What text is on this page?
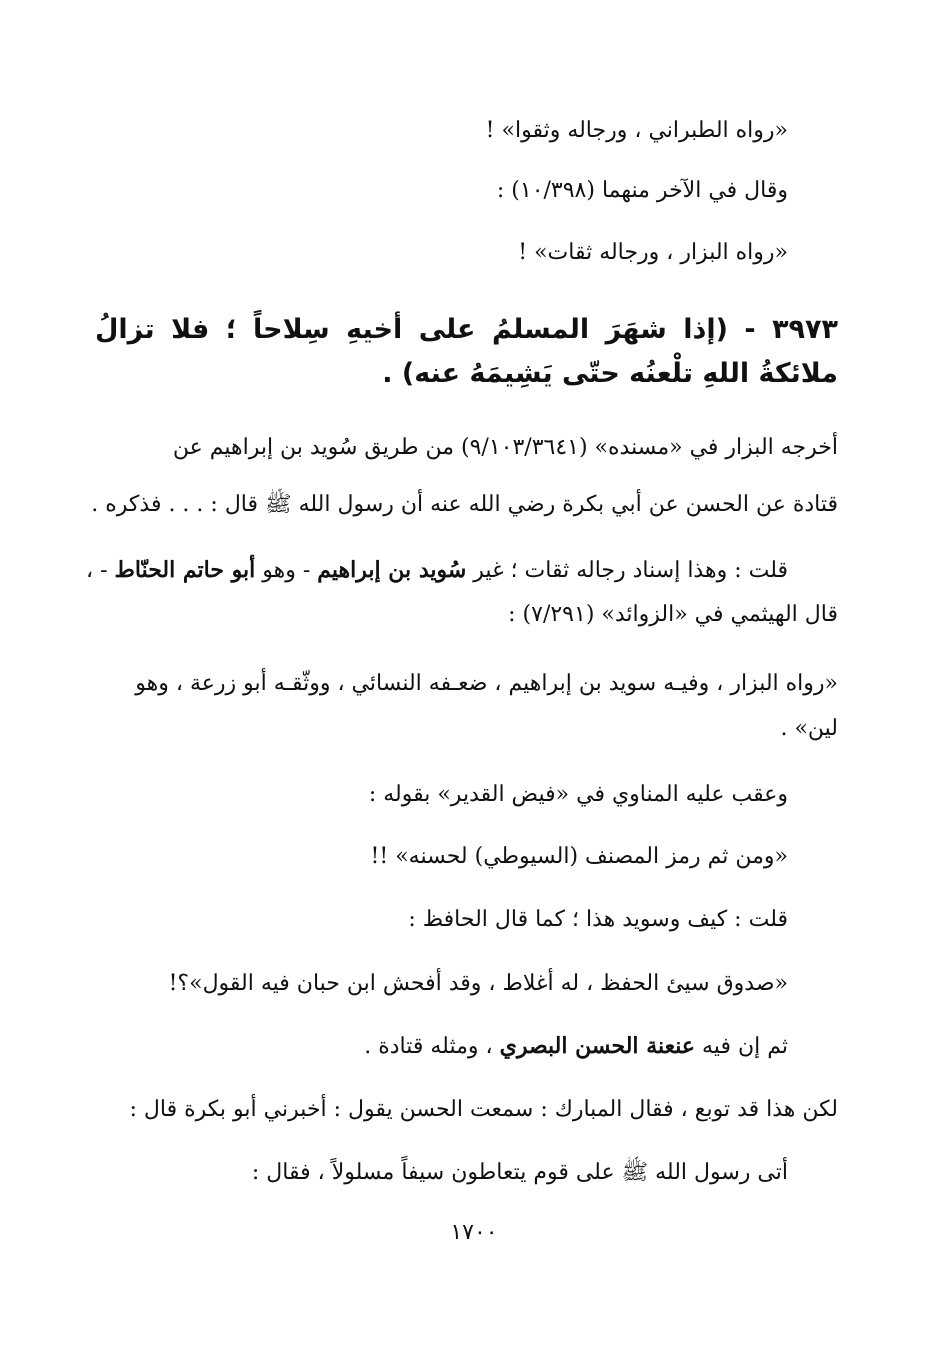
«رواه الطبراني ، ورجاله وثقوا» !
وقال في الآخر منهما (١٠/٣٩٨) :
«رواه البزار ، ورجاله ثقات» !
٣٩٧٣ - (إذا شهَرَ المسلمُ على أخيهِ سِلاحاً ؛ فلا تزالُ ملائكةُ اللهِ تلْعنُه حتّى يَشِيمَهُ عنه) .
أخرجه البزار في «مسنده» (٩/١٠٣/٣٦٤١) من طريق سُويد بن إبراهيم عن
قتادة عن الحسن عن أبي بكرة رضي الله عنه أن رسول الله ﷺ قال : . . . فذكره .
قلت : وهذا إسناد رجاله ثقات ؛ غير سُويد بن إبراهيم - وهو أبو حاتم الحنّاط - ،
قال الهيثمي في «الزوائد» (٧/٢٩١) :
«رواه البزار ، وفيـه سويد بن إبراهيم ، ضعـفه النسائي ، ووثّقـه أبو زرعة ، وهو
لين» .
وعقب عليه المناوي في «فيض القدير» بقوله :
«ومن ثم رمز المصنف (السيوطي) لحسنه» !!
قلت : كيف وسويد هذا ؛ كما قال الحافظ :
«صدوق سيئ الحفظ ، له أغلاط ، وقد أفحش ابن حبان فيه القول»؟!
ثم إن فيه عنعنة الحسن البصري ، ومثله قتادة .
لكن هذا قد توبع ، فقال المبارك : سمعت الحسن يقول : أخبرني أبو بكرة قال :
أتى رسول الله ﷺ على قوم يتعاطون سيفاً مسلولاً ، فقال :
١٧٠٠
